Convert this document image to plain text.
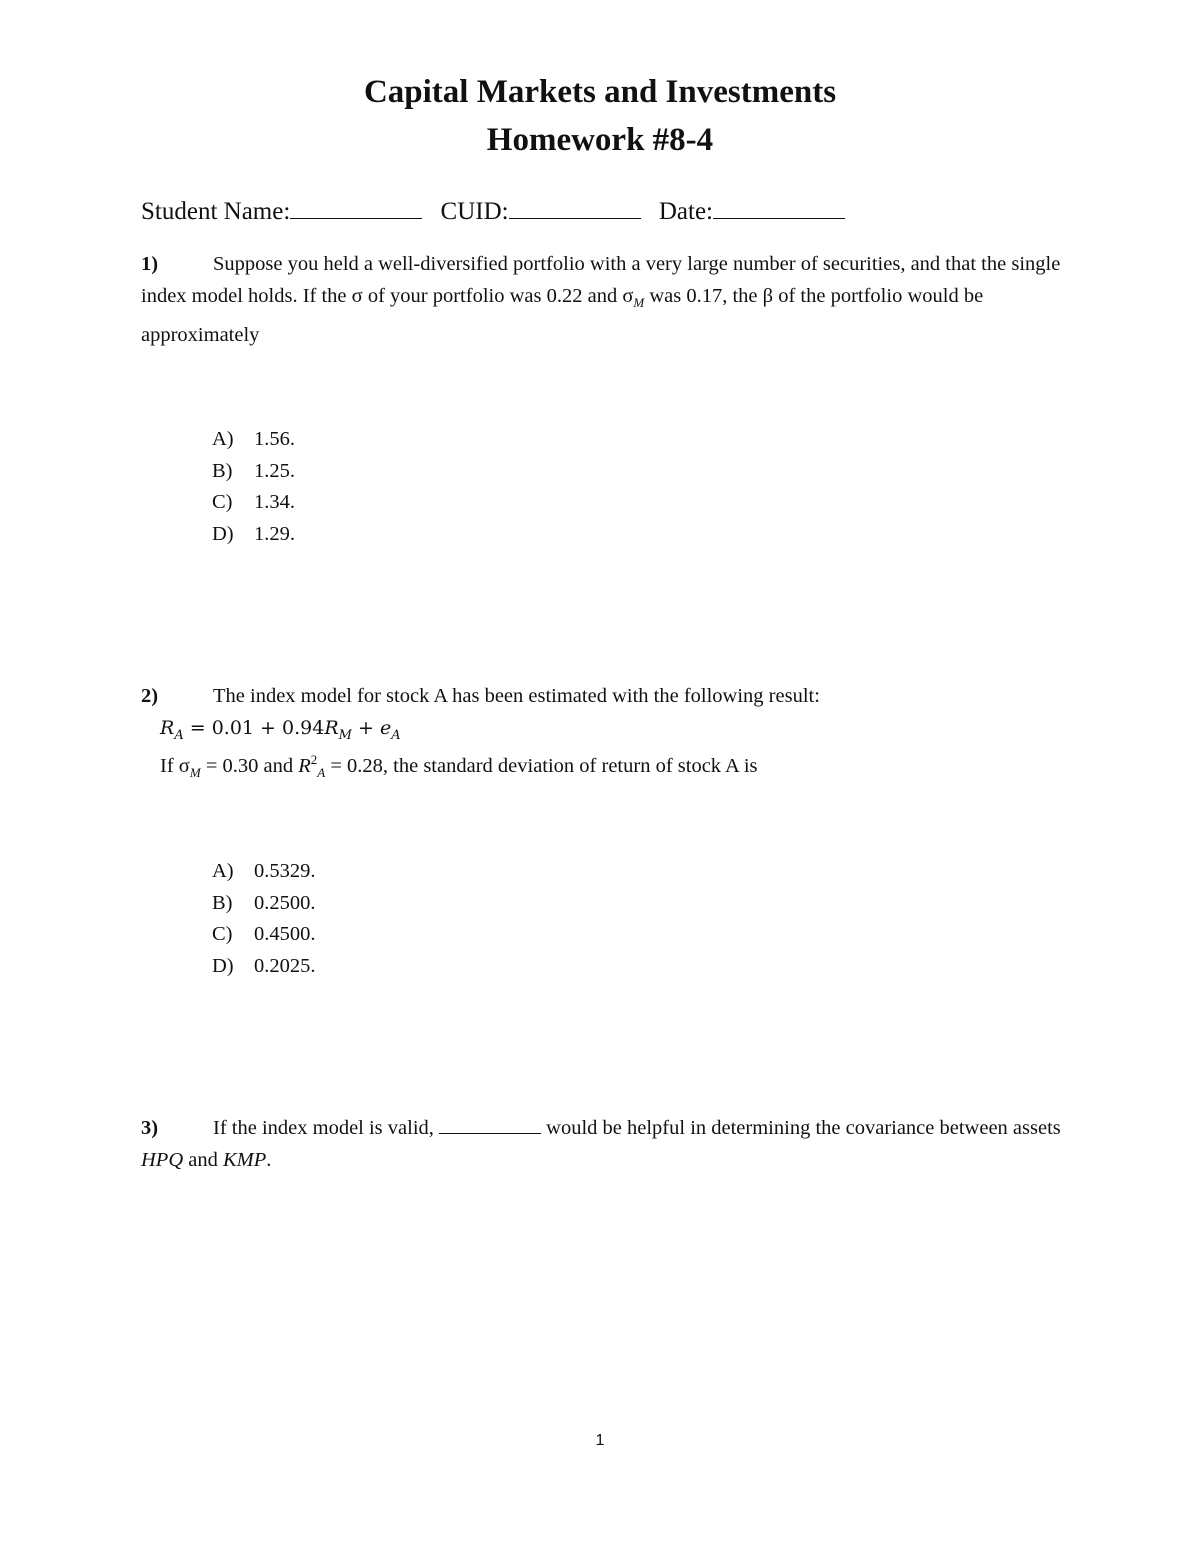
Capital Markets and Investments
Homework #8-4
Student Name:	CUID:	Date:
1)	Suppose you held a well-diversified portfolio with a very large number of securities, and that the single index model holds. If the σ of your portfolio was 0.22 and $\sigma_M$ was 0.17, the β of the portfolio would be approximately
A) 1.56.
B) 1.25.
C) 1.34.
D) 1.29.
2)	The index model for stock A has been estimated with the following result:
$R_A = 0.01 + 0.94R_M + e_A$
If $\sigma_M = 0.30$ and $R^2_A = 0.28$, the standard deviation of return of stock A is
A) 0.5329.
B) 0.2500.
C) 0.4500.
D) 0.2025.
3)	If the index model is valid,	would be helpful in determining the covariance between assets HPQ and KMP.
1
